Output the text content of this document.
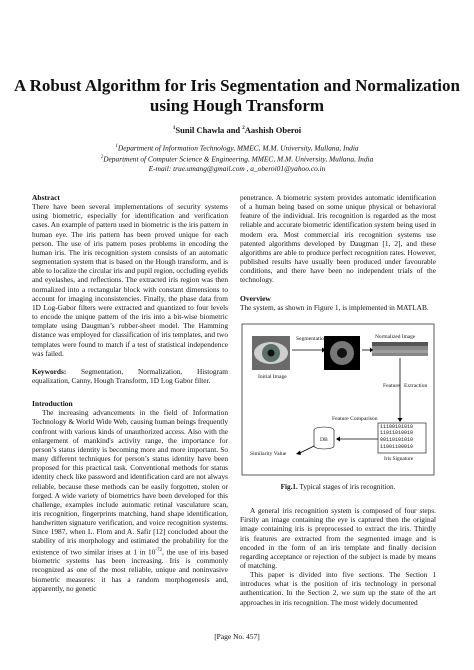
A Robust Algorithm for Iris Segmentation and Normalization using Hough Transform
$^1$Sunil Chawla and $^2$Aashish Oberoi
$^1$Department of Information Technology, MMEC, M.M. University, Mullana, India
$^2$Department of Computer Science & Engineering, MMEC, M.M. University, Mullana, India
E-mail: true.umang@gmail.com , a_oberoi01@yahoo.co.in
Abstract

There have been several implementations of security systems using biometric, especially for identification and verification cases. An example of pattern used in biometric is the iris pattern in human eye. The iris pattern has been proved unique for each person. The use of iris pattern poses problems in encoding the human iris. The iris recognition system consists of an automatic segmentation system that is based on the Hough transform, and is able to localize the circular iris and pupil region, occluding eyelids and eyelashes, and reflections. The extracted iris region was then normalized into a rectangular block with constant dimensions to account for imaging inconsistencies. Finally, the phase data from 1D Log-Gabor filters were extracted and quantized to four levels to encode the unique pattern of the iris into a bit-wise biometric template using Daugman’s rubber-sheet model. The Hamming distance was employed for classification of iris templates, and two templates were found to match if a test of statistical independence was failed.

Keywords: Segmentation, Normalization, Histogram equalization, Canny, Hough Transform, 1D Log Gabor filter.

Introduction

The increasing advancements in the field of Information Technology & World Wide Web, causing human beings frequently confront with various kinds of unauthorized access. Also with the enlargement of mankind's activity range, the importance for person’s status identity is becoming more and more important. So many different techniques for person’s status identity have been proposed for this practical task. Conventional methods for status identity check like password and identification card are not always reliable, because these methods can be easily forgotten, stolen or forged. A wide variety of biometrics have been developed for this challenge, examples include automatic retinal vasculature scan, iris recognition, fingerprints matching, hand shape identification, handwritten signature verification, and voice recognition systems. Since 1987, when L. Flom and A. Safir [12] concluded about the stability of iris morphology and estimated the probability for the existence of two similar irises at 1 in $10^{-72}$, the use of iris based biometric systems has been increasing. Iris is commonly recognized as one of the most reliable, unique and noninvasive biometric measures: it has a random morphogenesis and, apparently, no genetic

penetrance. A biometric system provides automatic identification of a human being based on some unique physical or behavioral feature of the individual. Iris recognition is regarded as the most reliable and accurate biometric identification system being used in modern era. Most commercial iris recognition systems use patented algorithms developed by Daugman [1, 2], and these algorithms are able to produce perfect recognition rates. However, published results have usually been produced under favourable conditions, and there have been no independent trials of the technology.

Overview

The system, as shown in Figure 1, is implemented in MATLAB.

Segmentation	Normalized Image
Initial Image
Feature Extraction
Feature Comparison
DB
Similarity Value
11100101010
11011010010
00110101010
11001100010
Iris Signature
Fig.1. Typical stages of iris recognition.

A general iris recognition system is composed of four steps. Firstly an image containing the eye is captured then the original image containing iris is preprocessed to extract the iris. Thirdly iris features are extracted from the segmented image and is encoded in the form of an iris template and finally decision regarding acceptance or rejection of the subject is made by means of matching.

This paper is divided into five sections. The Section 1 introduces what is the position of iris technology in personal authentication. In the Section 2, we sum up the state of the art approaches in iris recognition. The most widely documented

[Page No. 457]
